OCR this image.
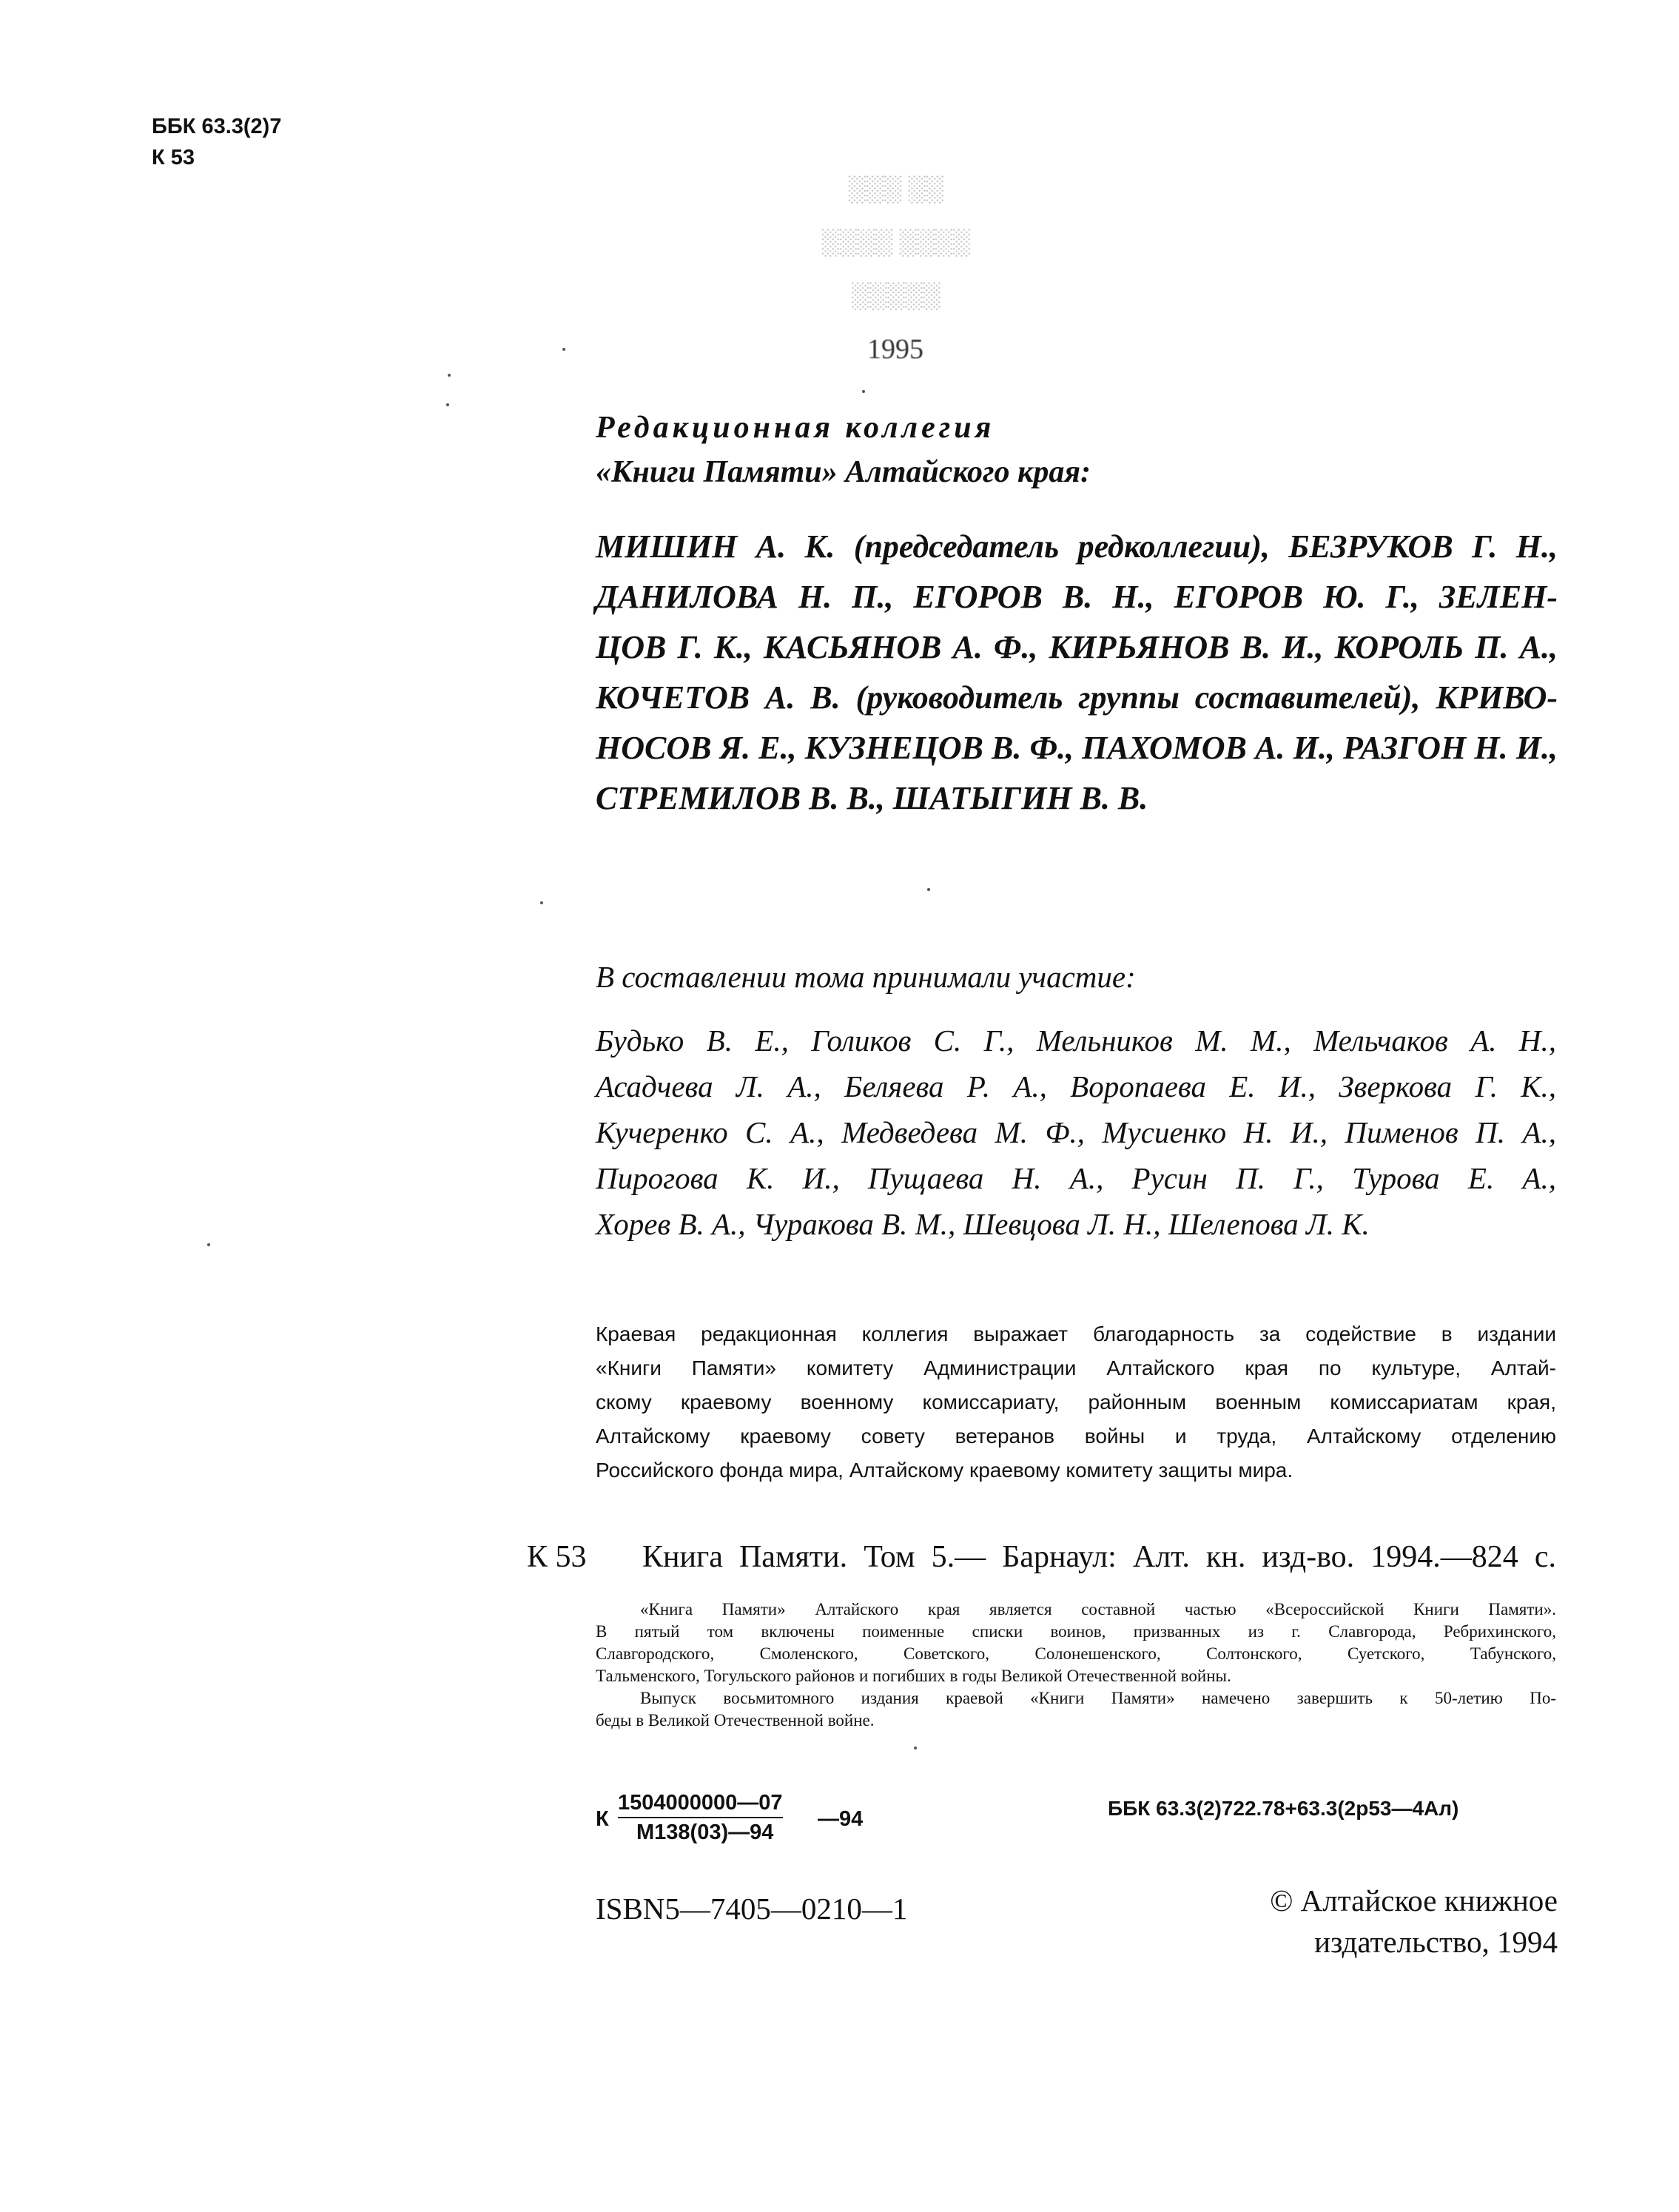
ББК 63.3(2)7
К 53
░░░ ░░
░░░░ ░░░░
░░░░░
1995
Редакционная коллегия
«Книги Памяти» Алтайского края:
МИШИН А. К. (председатель редколлегии), БЕЗРУКОВ Г. Н.,
ДАНИЛОВА Н. П., ЕГОРОВ В. Н., ЕГОРОВ Ю. Г., ЗЕЛЕН-
ЦОВ Г. К., КАСЬЯНОВ А. Ф., КИРЬЯНОВ В. И., КОРОЛЬ П. А.,
КОЧЕТОВ А. В. (руководитель группы составителей), КРИВО-
НОСОВ Я. Е., КУЗНЕЦОВ В. Ф., ПАХОМОВ А. И., РАЗГОН Н. И.,
СТРЕМИЛОВ В. В., ШАТЫГИН В. В.
В составлении тома принимали участие:
Будько В. Е., Голиков С. Г., Мельников М. М., Мельчаков А. Н.,
Асадчева Л. А., Беляева Р. А., Воропаева Е. И., Зверкова Г. К.,
Кучеренко С. А., Медведева М. Ф., Мусиенко Н. И., Пименов П. А.,
Пирогова К. И., Пущаева Н. А., Русин П. Г., Турова Е. А.,
Хорев В. А., Чуракова В. М., Шевцова Л. Н., Шелепова Л. К.
Краевая редакционная коллегия выражает благодарность за содействие в издании
«Книги Памяти» комитету Администрации Алтайского края по культуре, Алтай-
скому краевому военному комиссариату, районным военным комиссариатам края,
Алтайскому краевому совету ветеранов войны и труда, Алтайскому отделению
Российского фонда мира, Алтайскому краевому комитету защиты мира.
К 53 Книга Памяти. Том 5.— Барнаул: Алт. кн. изд-во. 1994.—824 с.
«Книга Памяти» Алтайского края является составной частью «Всероссийской Книги Памяти».
В пятый том включены поименные списки воинов, призванных из г. Славгорода, Ребрихинского,
Славгородского, Смоленского, Советского, Солонешенского, Солтонского, Суетского, Табунского,
Тальменского, Тогульского районов и погибших в годы Великой Отечественной войны.
Выпуск восьмитомного издания краевой «Книги Памяти» намечено завершить к 50-летию По-
беды в Великой Отечественной войне.
К
1504000000—07
М138(03)—94
—94	ББК 63.3(2)722.78+63.3(2р53—4Ал)
ISBN5—7405—0210—1	© Алтайское книжное
издательство, 1994
